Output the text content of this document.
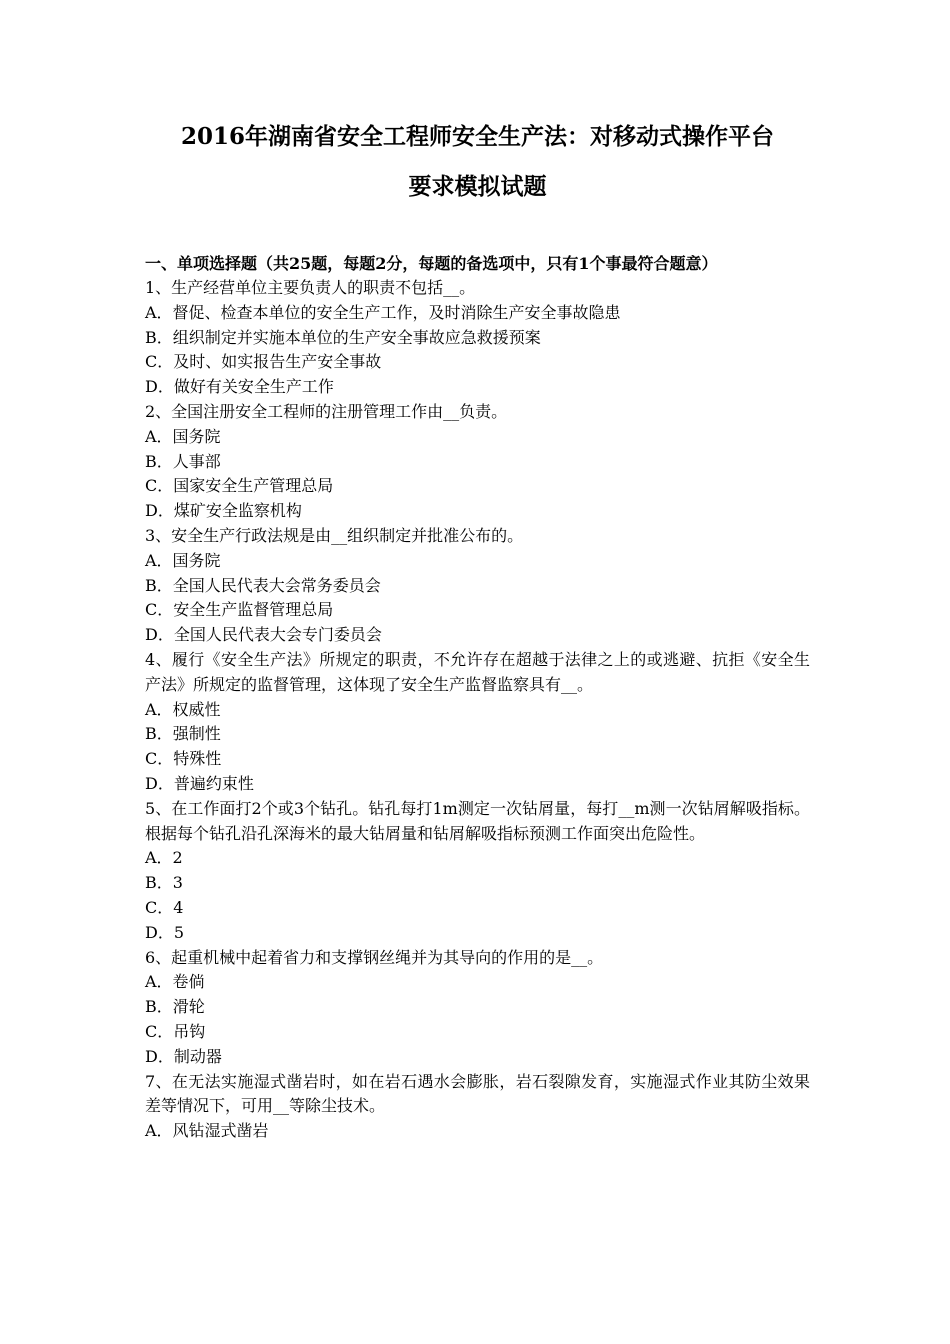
2016年湖南省安全工程师安全生产法：对移动式操作平台
要求模拟试题
一、单项选择题（共25题，每题2分，每题的备选项中，只有1个事最符合题意）
1、生产经营单位主要负责人的职责不包括__。
A．督促、检查本单位的安全生产工作，及时消除生产安全事故隐患
B．组织制定并实施本单位的生产安全事故应急救援预案
C．及时、如实报告生产安全事故
D．做好有关安全生产工作
2、全国注册安全工程师的注册管理工作由__负责。
A．国务院
B．人事部
C．国家安全生产管理总局
D．煤矿安全监察机构
3、安全生产行政法规是由__组织制定并批准公布的。
A．国务院
B．全国人民代表大会常务委员会
C．安全生产监督管理总局
D．全国人民代表大会专门委员会
4、履行《安全生产法》所规定的职责，不允许存在超越于法律之上的或逃避、抗拒《安全生产法》所规定的监督管理，这体现了安全生产监督监察具有__。
A．权威性
B．强制性
C．特殊性
D．普遍约束性
5、在工作面打2个或3个钻孔。钻孔每打1m测定一次钻屑量，每打__m测一次钻屑解吸指标。根据每个钻孔沿孔深海米的最大钻屑量和钻屑解吸指标预测工作面突出危险性。
A．2
B．3
C．4
D．5
6、起重机械中起着省力和支撑钢丝绳并为其导向的作用的是__。
A．卷倘
B．滑轮
C．吊钩
D．制动器
7、在无法实施湿式凿岩时，如在岩石遇水会膨胀，岩石裂隙发育，实施湿式作业其防尘效果差等情况下，可用__等除尘技术。
A．风钻湿式凿岩
